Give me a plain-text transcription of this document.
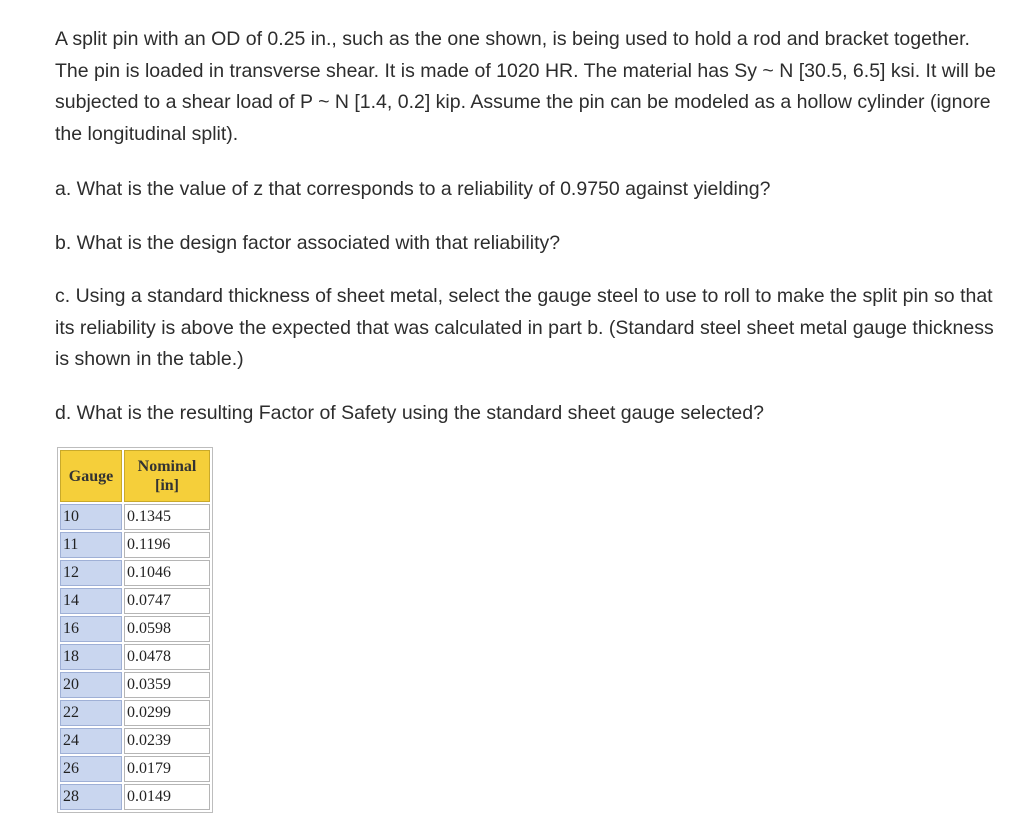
A split pin with an OD of 0.25 in., such as the one shown, is being used to hold a rod and bracket together. The pin is loaded in transverse shear. It is made of 1020 HR. The material has Sy ~ N [30.5, 6.5] ksi. It will be subjected to a shear load of P ~ N [1.4, 0.2] kip. Assume the pin can be modeled as a hollow cylinder (ignore the longitudinal split).

a. What is the value of z that corresponds to a reliability of 0.9750 against yielding?

b. What is the design factor associated with that reliability?

c. Using a standard thickness of sheet metal, select the gauge steel to use to roll to make the split pin so that its reliability is above the expected that was calculated in part b. (Standard steel sheet metal gauge thickness is shown in the table.)

d. What is the resulting Factor of Safety using the standard sheet gauge selected?

Gauge	Nominal
[in]
10	0.1345
11	0.1196
12	0.1046
14	0.0747
16	0.0598
18	0.0478
20	0.0359
22	0.0299
24	0.0239
26	0.0179
28	0.0149
